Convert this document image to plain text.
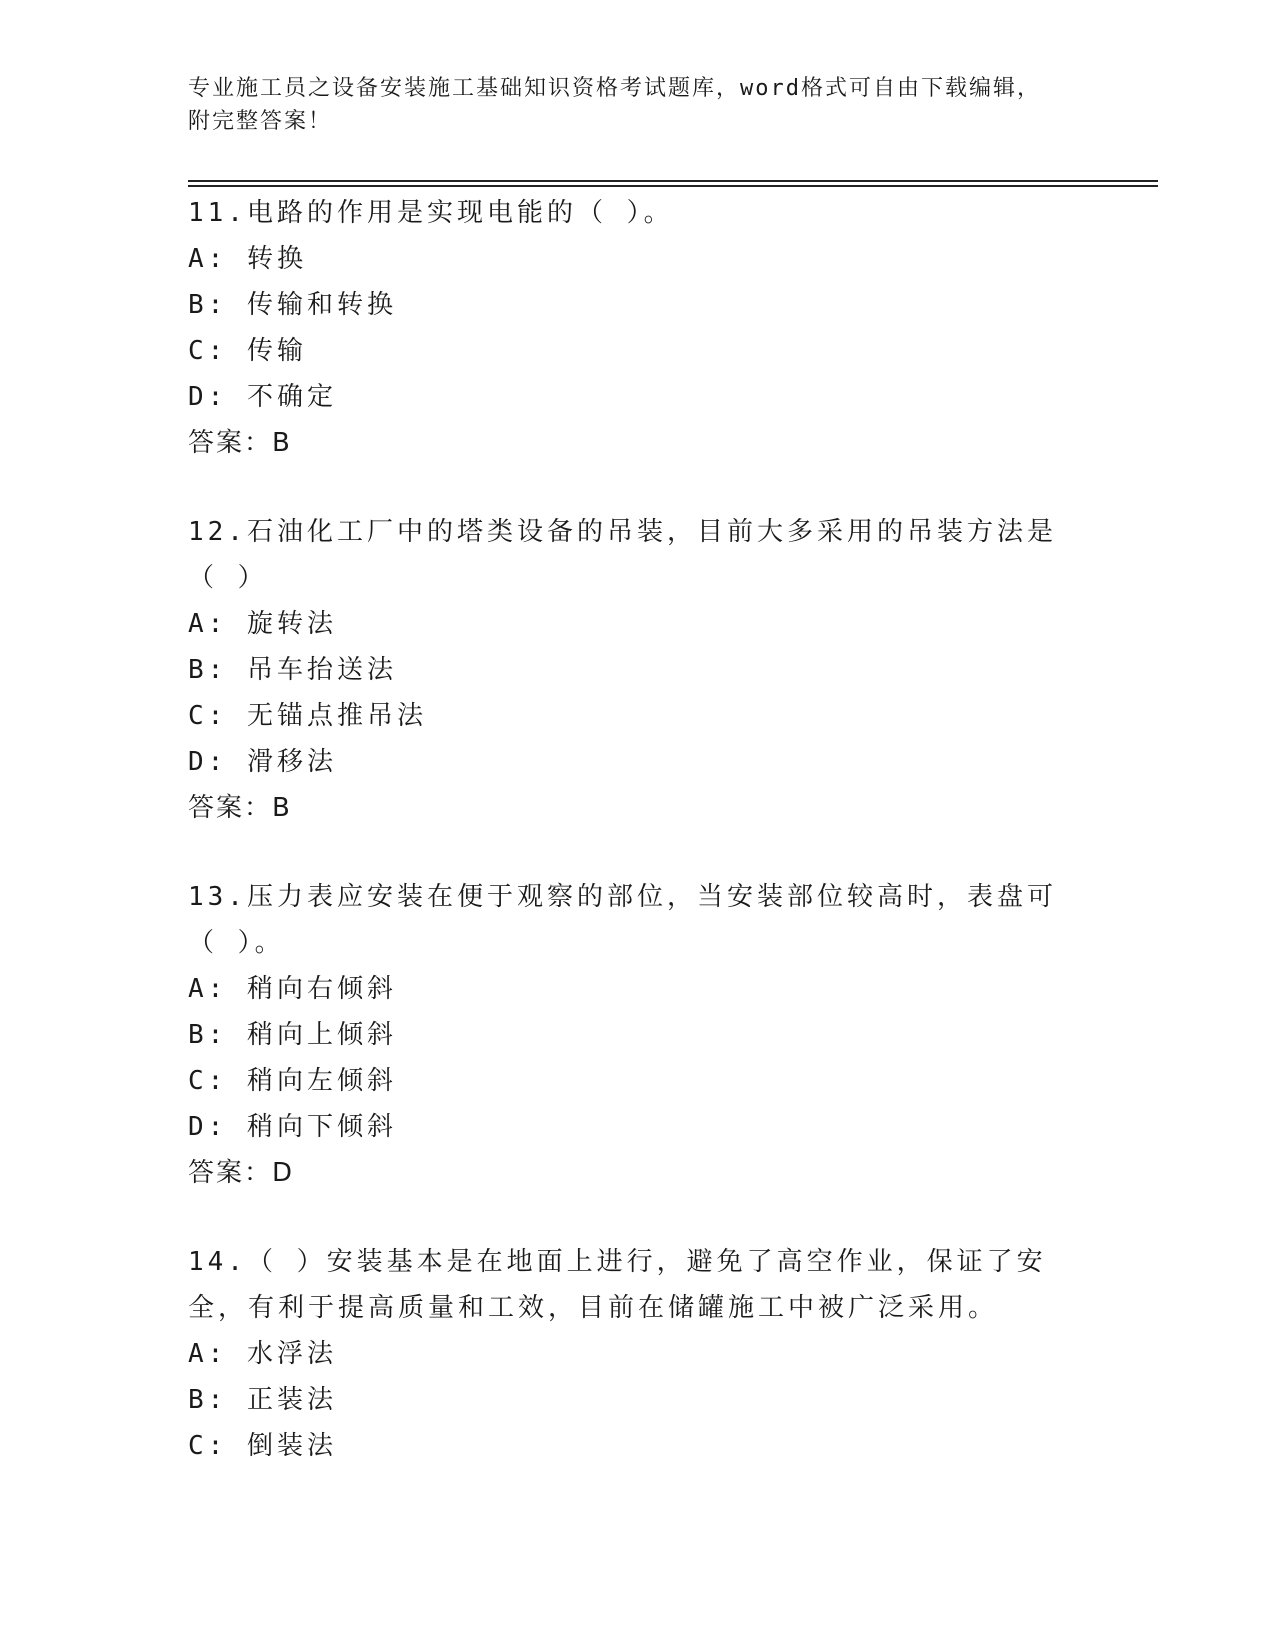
专业施工员之设备安装施工基础知识资格考试题库，word格式可自由下载编辑，
附完整答案！
11.电路的作用是实现电能的（ ）。
A: 转换
B: 传输和转换
C: 传输
D: 不确定
答案：B
12.石油化工厂中的塔类设备的吊装，目前大多采用的吊装方法是（ ）
A: 旋转法
B: 吊车抬送法
C: 无锚点推吊法
D: 滑移法
答案：B
13.压力表应安装在便于观察的部位，当安装部位较高时，表盘可（ ）。
A: 稍向右倾斜
B: 稍向上倾斜
C: 稍向左倾斜
D: 稍向下倾斜
答案：D
14.（ ）安装基本是在地面上进行，避免了高空作业，保证了安全，有利于提高质量和工效，目前在储罐施工中被广泛采用。
A: 水浮法
B: 正装法
C: 倒装法
